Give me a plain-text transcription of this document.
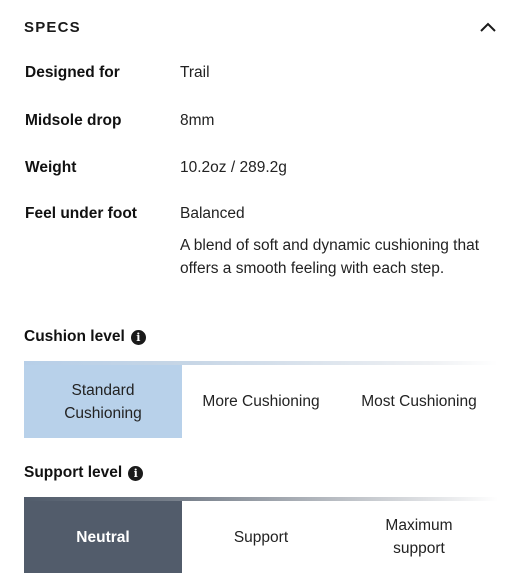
SPECS
Designed for	Trail
Midsole drop	8mm
Weight	10.2oz / 289.2g
Feel under foot	Balanced
A blend of soft and dynamic cushioning that offers a smooth feeling with each step.
Cushion level	i
Standard Cushioning
More Cushioning	Most Cushioning
Support level	i
Neutral	Support
Maximum support
